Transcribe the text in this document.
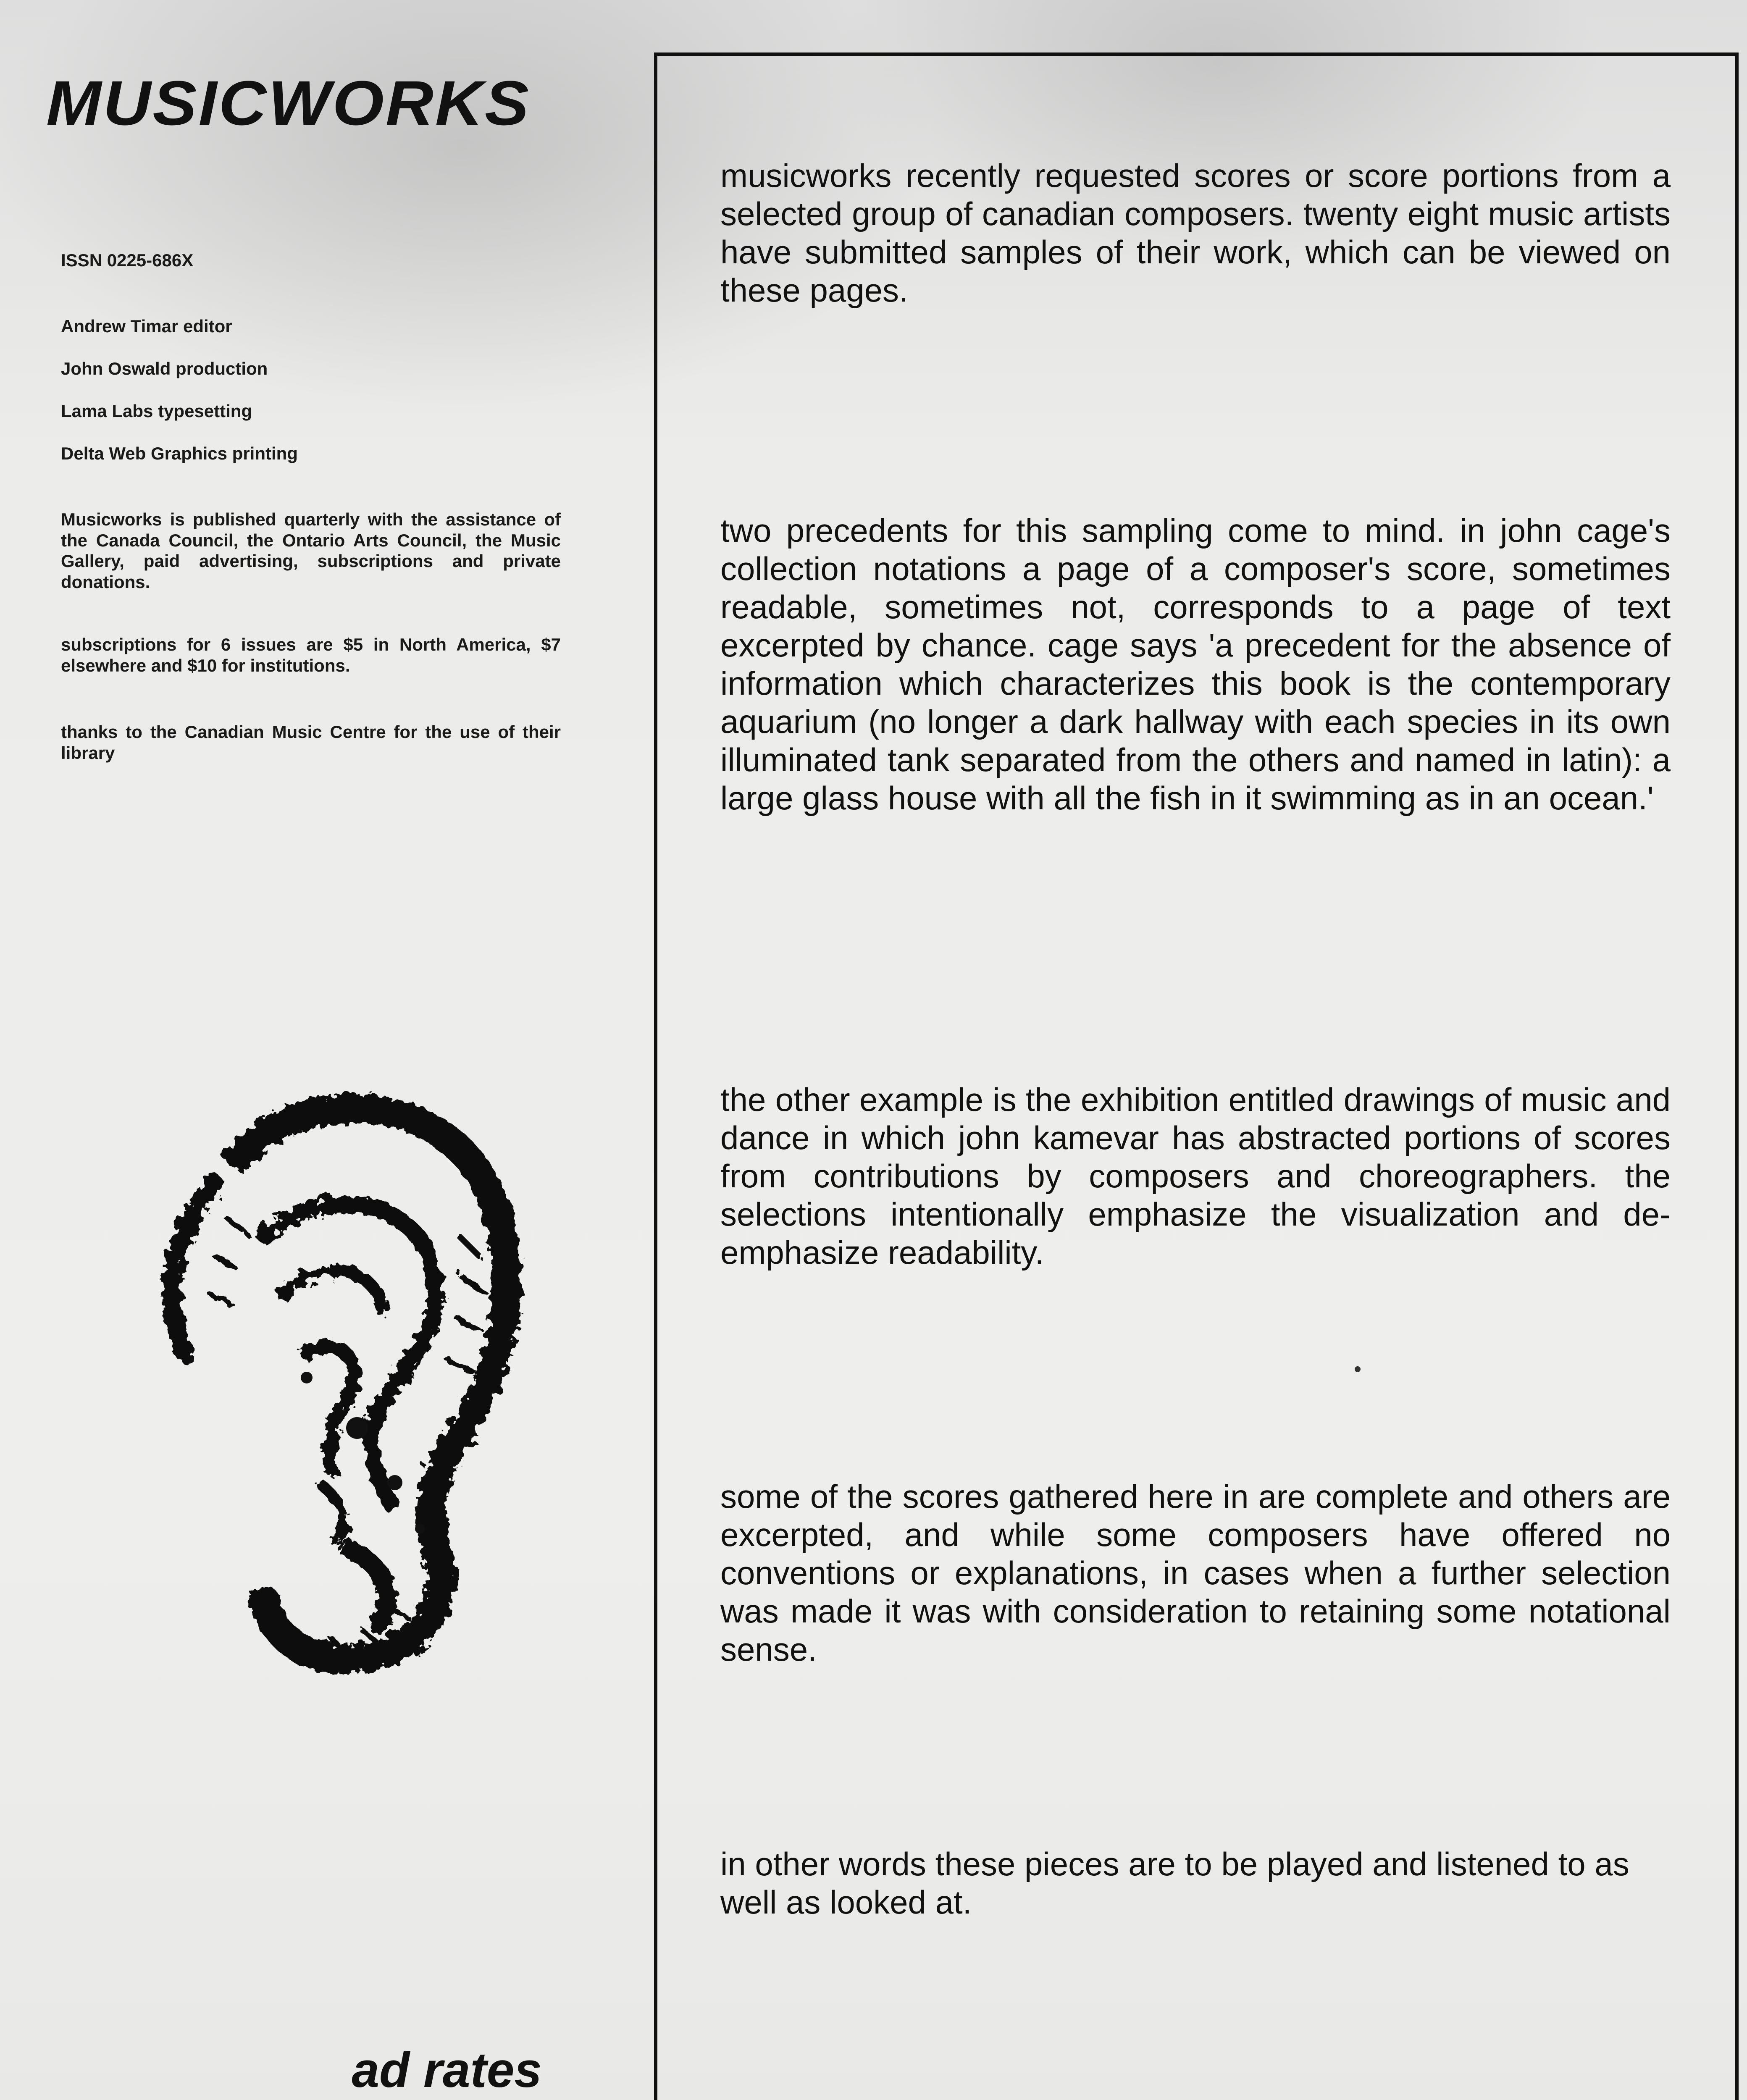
MUSICWORKS

ISSN 0225-686X

Andrew Timar editor

John Oswald production

Lama Labs typesetting

Delta Web Graphics printing

Musicworks is published quarterly with the assistance of the Canada Council, the Ontario Arts Council, the Music Gallery, paid advertising, subscriptions and private donations.

subscriptions for 6 issues are $5 in North America, $7 elsewhere and $10 for institutions.

thanks to the Canadian Music Centre for the use of their library

ad rates

musicworks recently requested scores or score portions from a selected group of canadian composers. twenty eight music artists have submitted samples of their work, which can be viewed on these pages.

two precedents for this sampling come to mind. in john cage's collection notations a page of a composer's score, sometimes readable, sometimes not, corresponds to a page of text excerpted by chance. cage says 'a precedent for the absence of information which characterizes this book is the contemporary aquarium (no longer a dark hallway with each species in its own illuminated tank separated from the others and named in latin): a large glass house with all the fish in it swimming as in an ocean.'

the other example is the exhibition entitled drawings of music and dance in which john kamevar has abstracted portions of scores from contributions by composers and choreographers. the selections intentionally emphasize the visualization and de-emphasize readability.

some of the scores gathered here in are complete and others are excerpted, and while some composers have offered no conventions or explanations, in cases when a further selection was made it was with consideration to retaining some notational sense.

in other words these pieces are to be played and listened to as well as looked at.
